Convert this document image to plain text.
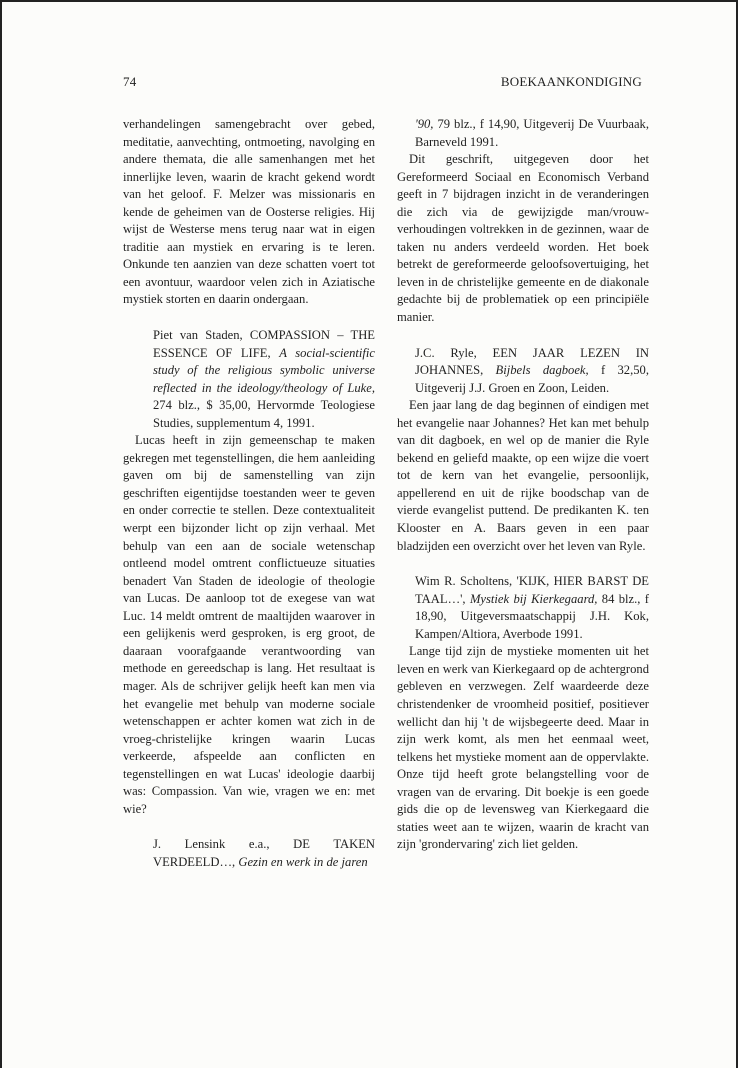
74	BOEKAANKONDIGING

verhandelingen samengebracht over gebed, meditatie, aanvechting, ontmoeting, navolging en andere themata, die alle samenhangen met het innerlijke leven, waarin de kracht gekend wordt van het geloof. F. Melzer was missionaris en kende de geheimen van de Oosterse religies. Hij wijst de Westerse mens terug naar wat in eigen traditie aan mystiek en ervaring is te leren. Onkunde ten aanzien van deze schatten voert tot een avontuur, waardoor velen zich in Aziatische mystiek storten en daarin ondergaan.

Piet van Staden, COMPASSION – THE ESSENCE OF LIFE, A social-scientific study of the religious symbolic universe reflected in the ideology/theology of Luke, 274 blz., $ 35,00, Hervormde Teologiese Studies, supplementum 4, 1991.

Lucas heeft in zijn gemeenschap te maken gekregen met tegenstellingen, die hem aanleiding gaven om bij de samenstelling van zijn geschriften eigentijdse toestanden weer te geven en onder correctie te stellen. Deze contextualiteit werpt een bijzonder licht op zijn verhaal. Met behulp van een aan de sociale wetenschap ontleend model omtrent conflictueuze situaties benadert Van Staden de ideologie of theologie van Lucas. De aanloop tot de exegese van wat Luc. 14 meldt omtrent de maaltijden waarover in een gelijkenis werd gesproken, is erg groot, de daaraan voorafgaande verantwoording van methode en gereedschap is lang. Het resultaat is mager. Als de schrijver gelijk heeft kan men via het evangelie met behulp van moderne sociale wetenschappen er achter komen wat zich in de vroeg-christelijke kringen waarin Lucas verkeerde, afspeelde aan conflicten en tegenstellingen en wat Lucas' ideologie daarbij was: Compassion. Van wie, vragen we en: met wie?

J. Lensink e.a., DE TAKEN VERDEELD…, Gezin en werk in de jaren

'90, 79 blz., f 14,90, Uitgeverij De Vuurbaak, Barneveld 1991.

Dit geschrift, uitgegeven door het Gereformeerd Sociaal en Economisch Verband geeft in 7 bijdragen inzicht in de veranderingen die zich via de gewijzigde man/vrouw-verhoudingen voltrekken in de gezinnen, waar de taken nu anders verdeeld worden. Het boek betrekt de gereformeerde geloofsovertuiging, het leven in de christelijke gemeente en de diakonale gedachte bij de problematiek op een principiële manier.

J.C. Ryle, EEN JAAR LEZEN IN JOHANNES, Bijbels dagboek, f 32,50, Uitgeverij J.J. Groen en Zoon, Leiden.

Een jaar lang de dag beginnen of eindigen met het evangelie naar Johannes? Het kan met behulp van dit dagboek, en wel op de manier die Ryle bekend en geliefd maakte, op een wijze die voert tot de kern van het evangelie, persoonlijk, appellerend en uit de rijke boodschap van de vierde evangelist puttend. De predikanten K. ten Klooster en A. Baars geven in een paar bladzijden een overzicht over het leven van Ryle.

Wim R. Scholtens, 'KIJK, HIER BARST DE TAAL…', Mystiek bij Kierkegaard, 84 blz., f 18,90, Uitgeversmaatschappij J.H. Kok, Kampen/Altiora, Averbode 1991.

Lange tijd zijn de mystieke momenten uit het leven en werk van Kierkegaard op de achtergrond gebleven en verzwegen. Zelf waardeerde deze christendenker de vroomheid positief, positiever wellicht dan hij 't de wijsbegeerte deed. Maar in zijn werk komt, als men het eenmaal weet, telkens het mystieke moment aan de oppervlakte. Onze tijd heeft grote belangstelling voor de vragen van de ervaring. Dit boekje is een goede gids die op de levensweg van Kierkegaard die staties weet aan te wijzen, waarin de kracht van zijn 'grondervaring' zich liet gelden.
